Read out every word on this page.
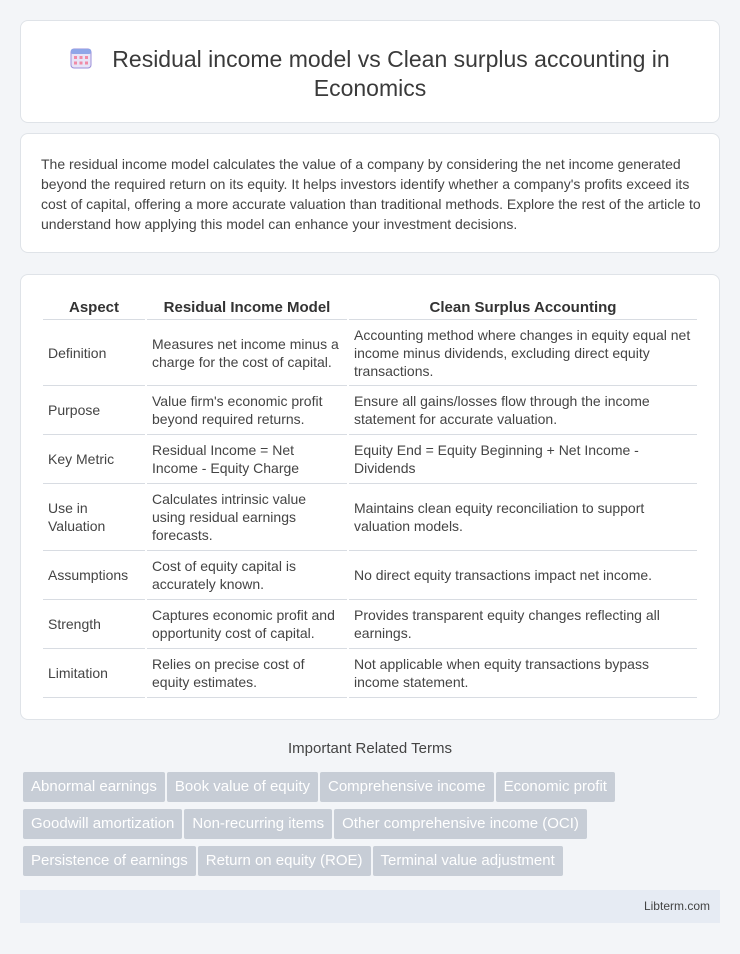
Residual income model vs Clean surplus accounting in Economics

The residual income model calculates the value of a company by considering the net income generated beyond the required return on its equity. It helps investors identify whether a company's profits exceed its cost of capital, offering a more accurate valuation than traditional methods. Explore the rest of the article to understand how applying this model can enhance your investment decisions.

Aspect	Residual Income Model	Clean Surplus Accounting
Definition	Measures net income minus a charge for the cost of capital.	Accounting method where changes in equity equal net income minus dividends, excluding direct equity transactions.
Purpose	Value firm's economic profit beyond required returns.	Ensure all gains/losses flow through the income statement for accurate valuation.
Key Metric	Residual Income = Net Income - Equity Charge	Equity End = Equity Beginning + Net Income - Dividends
Use in Valuation	Calculates intrinsic value using residual earnings forecasts.	Maintains clean equity reconciliation to support valuation models.
Assumptions	Cost of equity capital is accurately known.	No direct equity transactions impact net income.
Strength	Captures economic profit and opportunity cost of capital.	Provides transparent equity changes reflecting all earnings.
Limitation	Relies on precise cost of equity estimates.	Not applicable when equity transactions bypass income statement.
Important Related Terms
Abnormal earnings Book value of equity Comprehensive income Economic profit
Goodwill amortization Non-recurring items Other comprehensive income (OCI)
Persistence of earnings Return on equity (ROE) Terminal value adjustment
Libterm.com
